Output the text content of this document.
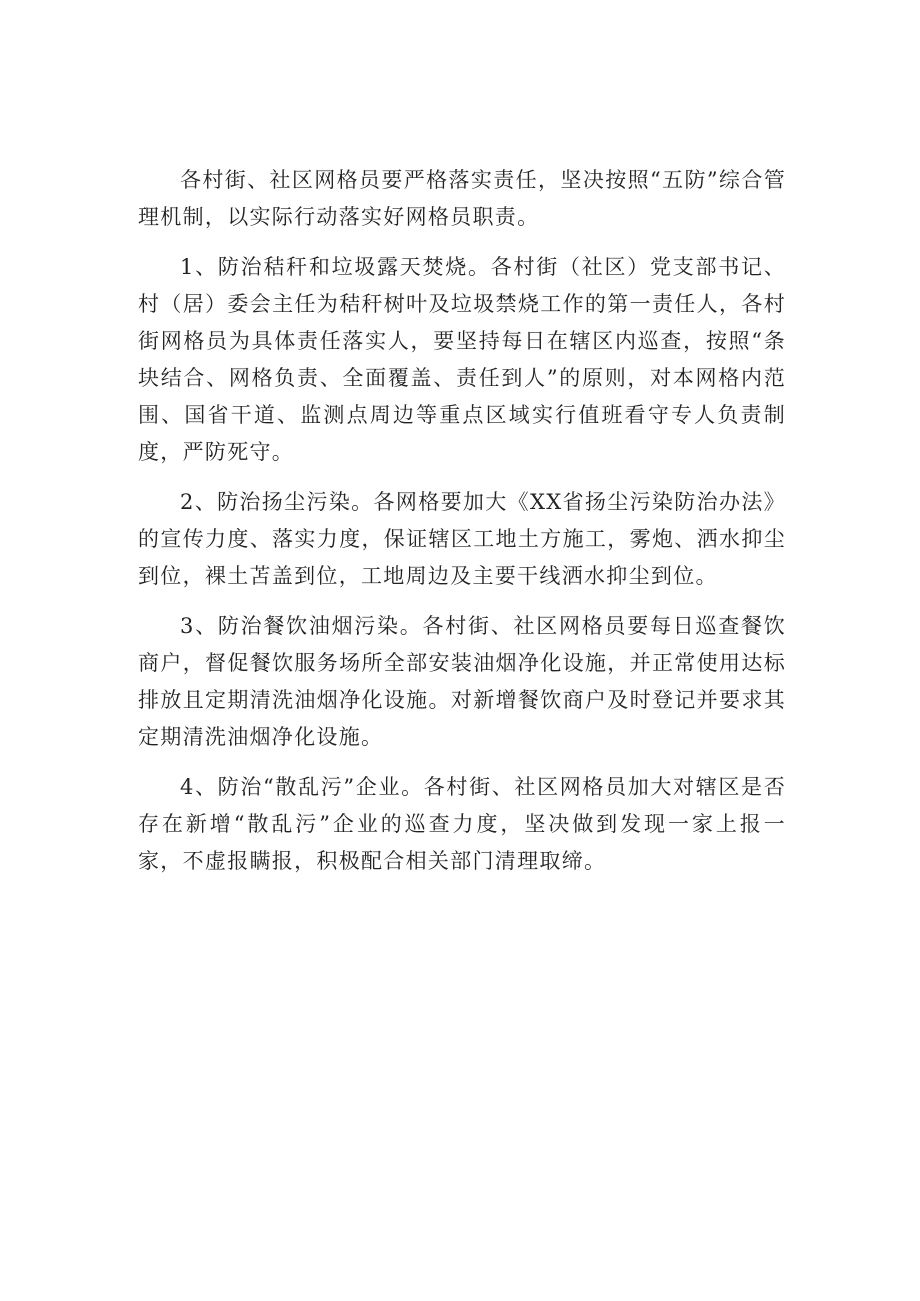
各村街、社区网格员要严格落实责任，坚决按照“五防”综合管理机制，以实际行动落实好网格员职责。

1、防治秸秆和垃圾露天焚烧。各村街（社区）党支部书记、村（居）委会主任为秸秆树叶及垃圾禁烧工作的第一责任人，各村街网格员为具体责任落实人，要坚持每日在辖区内巡查，按照“条块结合、网格负责、全面覆盖、责任到人”的原则，对本网格内范围、国省干道、监测点周边等重点区域实行值班看守专人负责制度，严防死守。

2、防治扬尘污染。各网格要加大《XX省扬尘污染防治办法》的宣传力度、落实力度，保证辖区工地土方施工，雾炮、洒水抑尘到位，裸土苫盖到位，工地周边及主要干线洒水抑尘到位。

3、防治餐饮油烟污染。各村街、社区网格员要每日巡查餐饮商户，督促餐饮服务场所全部安装油烟净化设施，并正常使用达标排放且定期清洗油烟净化设施。对新增餐饮商户及时登记并要求其定期清洗油烟净化设施。

4、防治“散乱污”企业。各村街、社区网格员加大对辖区是否存在新增“散乱污”企业的巡查力度，坚决做到发现一家上报一家，不虚报瞒报，积极配合相关部门清理取缔。
